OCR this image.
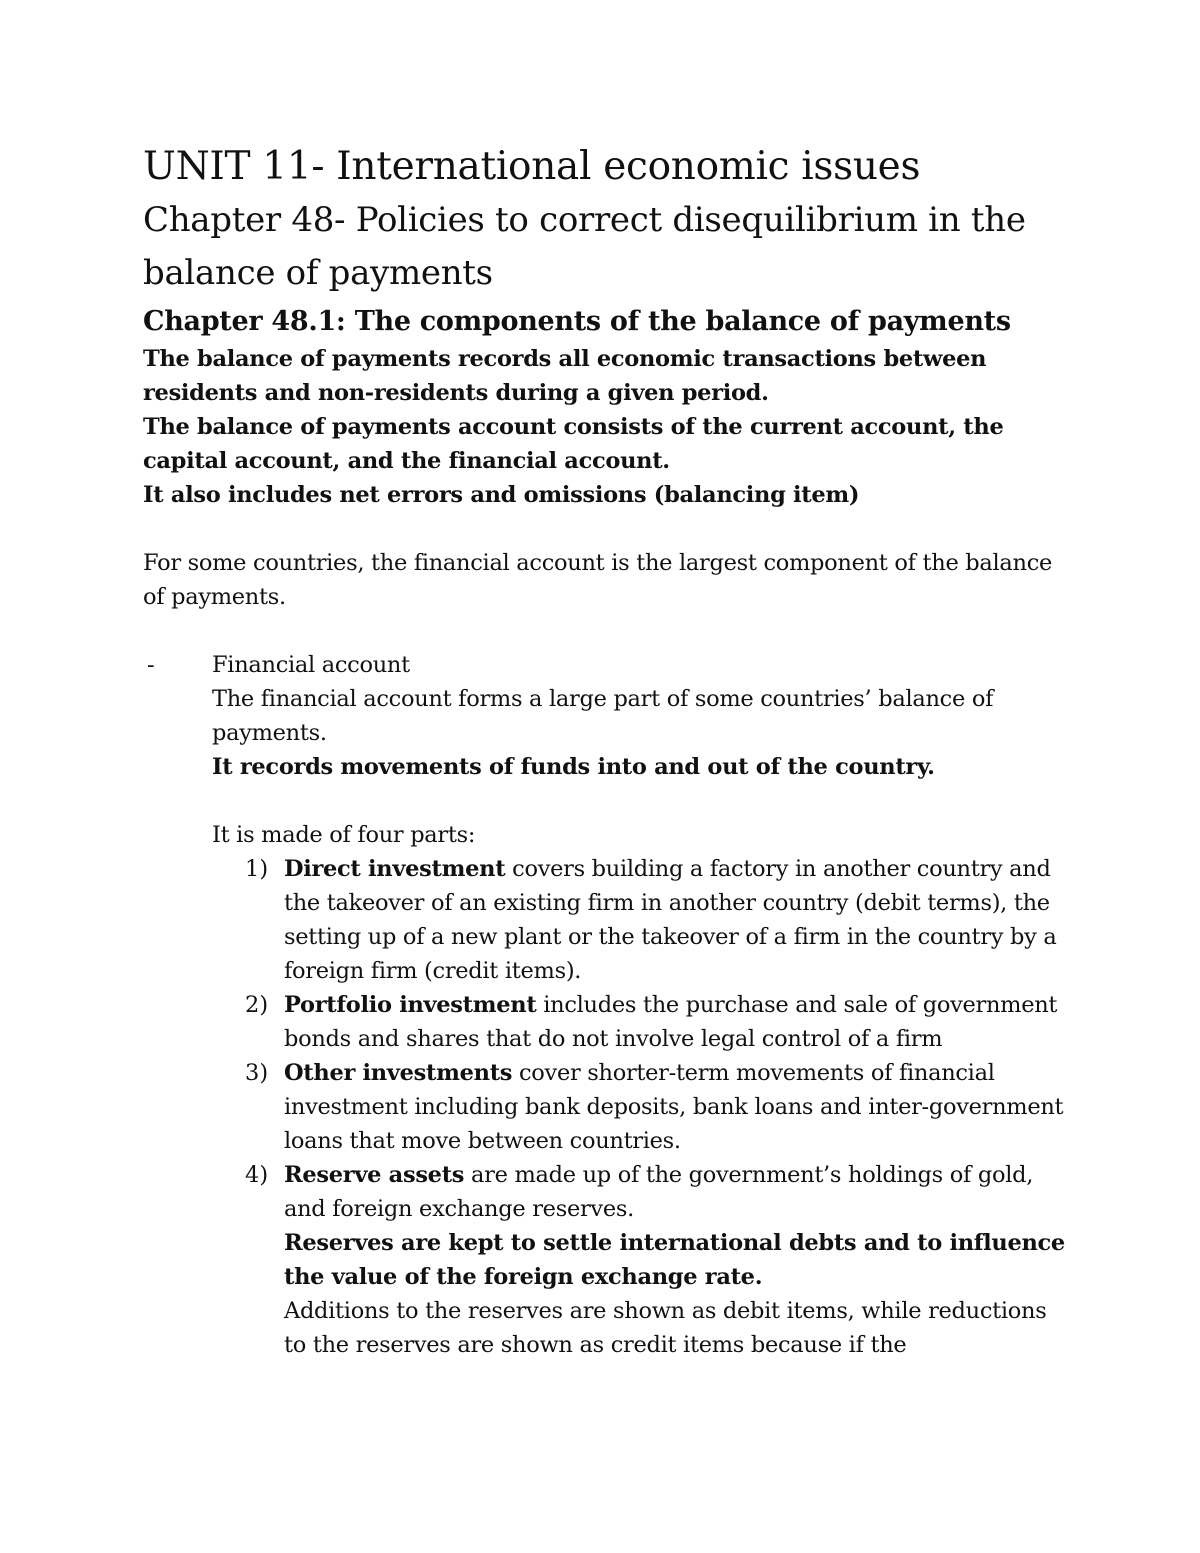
UNIT 11- International economic issues
Chapter 48- Policies to correct disequilibrium in the
balance of payments
Chapter 48.1: The components of the balance of payments

The balance of payments records all economic transactions between residents and non-residents during a given period.

The balance of payments account consists of the current account, the capital account, and the financial account.

It also includes net errors and omissions (balancing item)

For some countries, the financial account is the largest component of the balance of payments.

-	Financial account

The financial account forms a large part of some countries’ balance of payments.

It records movements of funds into and out of the country.

It is made of four parts:

1) Direct investment covers building a factory in another country and the takeover of an existing firm in another country (debit terms), the setting up of a new plant or the takeover of a firm in the country by a foreign firm (credit items).

2) Portfolio investment includes the purchase and sale of government bonds and shares that do not involve legal control of a firm

3) Other investments cover shorter-term movements of financial investment including bank deposits, bank loans and inter-government loans that move between countries.

4) Reserve assets are made up of the government’s holdings of gold, and foreign exchange reserves.

Reserves are kept to settle international debts and to influence the value of the foreign exchange rate.

Additions to the reserves are shown as debit items, while reductions to the reserves are shown as credit items because if the
